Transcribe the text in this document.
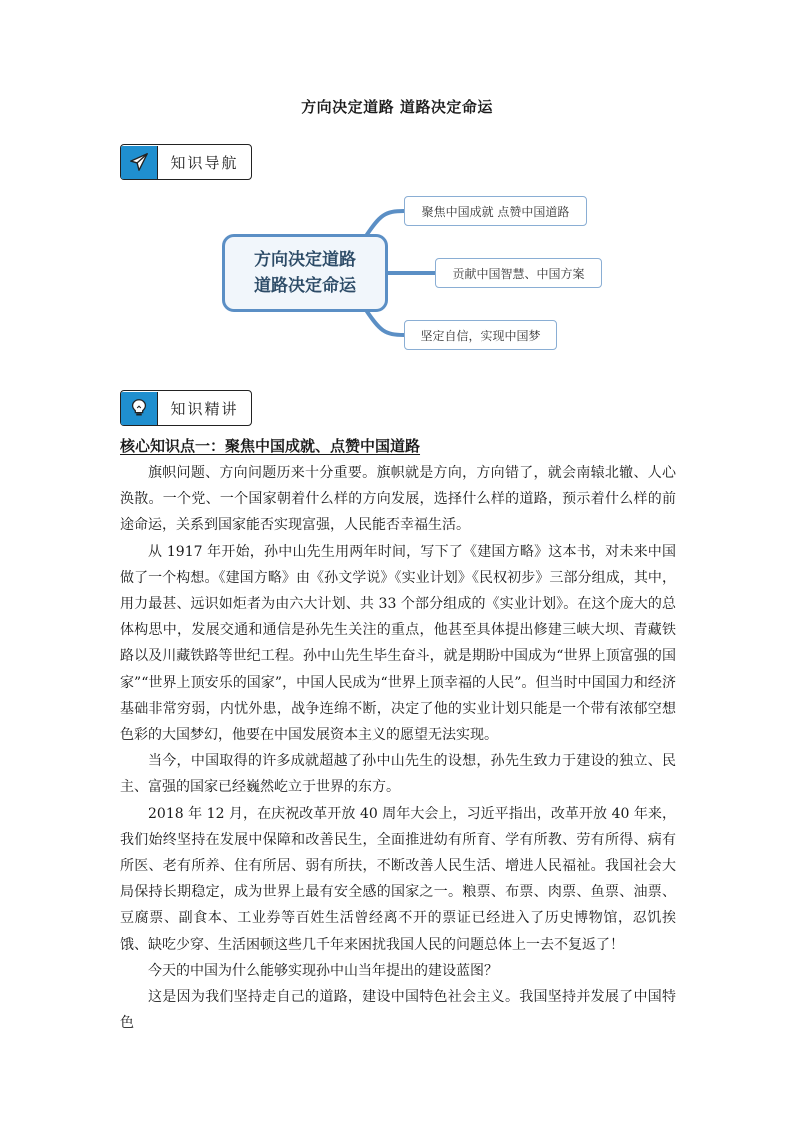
方向决定道路 道路决定命运
知识导航
方向决定道路
道路决定命运
聚焦中国成就 点赞中国道路
贡献中国智慧、中国方案
坚定自信，实现中国梦
知识精讲
核心知识点一：聚焦中国成就、点赞中国道路

旗帜问题、方向问题历来十分重要。旗帜就是方向，方向错了，就会南辕北辙、人心涣散。一个党、一个国家朝着什么样的方向发展，选择什么样的道路，预示着什么样的前途命运，关系到国家能否实现富强，人民能否幸福生活。

从 1917 年开始，孙中山先生用两年时间，写下了《建国方略》这本书，对未来中国做了一个构想。《建国方略》由《孙文学说》《实业计划》《民权初步》三部分组成，其中，用力最甚、远识如炬者为由六大计划、共 33 个部分组成的《实业计划》。在这个庞大的总体构思中，发展交通和通信是孙先生关注的重点，他甚至具体提出修建三峡大坝、青藏铁路以及川藏铁路等世纪工程。孙中山先生毕生奋斗，就是期盼中国成为“世界上顶富强的国家”“世界上顶安乐的国家”，中国人民成为“世界上顶幸福的人民”。但当时中国国力和经济基础非常穷弱，内忧外患，战争连绵不断，决定了他的实业计划只能是一个带有浓郁空想色彩的大国梦幻，他要在中国发展资本主义的愿望无法实现。

当今，中国取得的许多成就超越了孙中山先生的设想，孙先生致力于建设的独立、民主、富强的国家已经巍然屹立于世界的东方。

2018 年 12 月，在庆祝改革开放 40 周年大会上，习近平指出，改革开放 40 年来，我们始终坚持在发展中保障和改善民生，全面推进幼有所育、学有所教、劳有所得、病有所医、老有所养、住有所居、弱有所扶，不断改善人民生活、增进人民福祉。我国社会大局保持长期稳定，成为世界上最有安全感的国家之一。粮票、布票、肉票、鱼票、油票、豆腐票、副食本、工业券等百姓生活曾经离不开的票证已经进入了历史博物馆，忍饥挨饿、缺吃少穿、生活困顿这些几千年来困扰我国人民的问题总体上一去不复返了！

今天的中国为什么能够实现孙中山当年提出的建设蓝图？

这是因为我们坚持走自己的道路，建设中国特色社会主义。我国坚持并发展了中国特色
